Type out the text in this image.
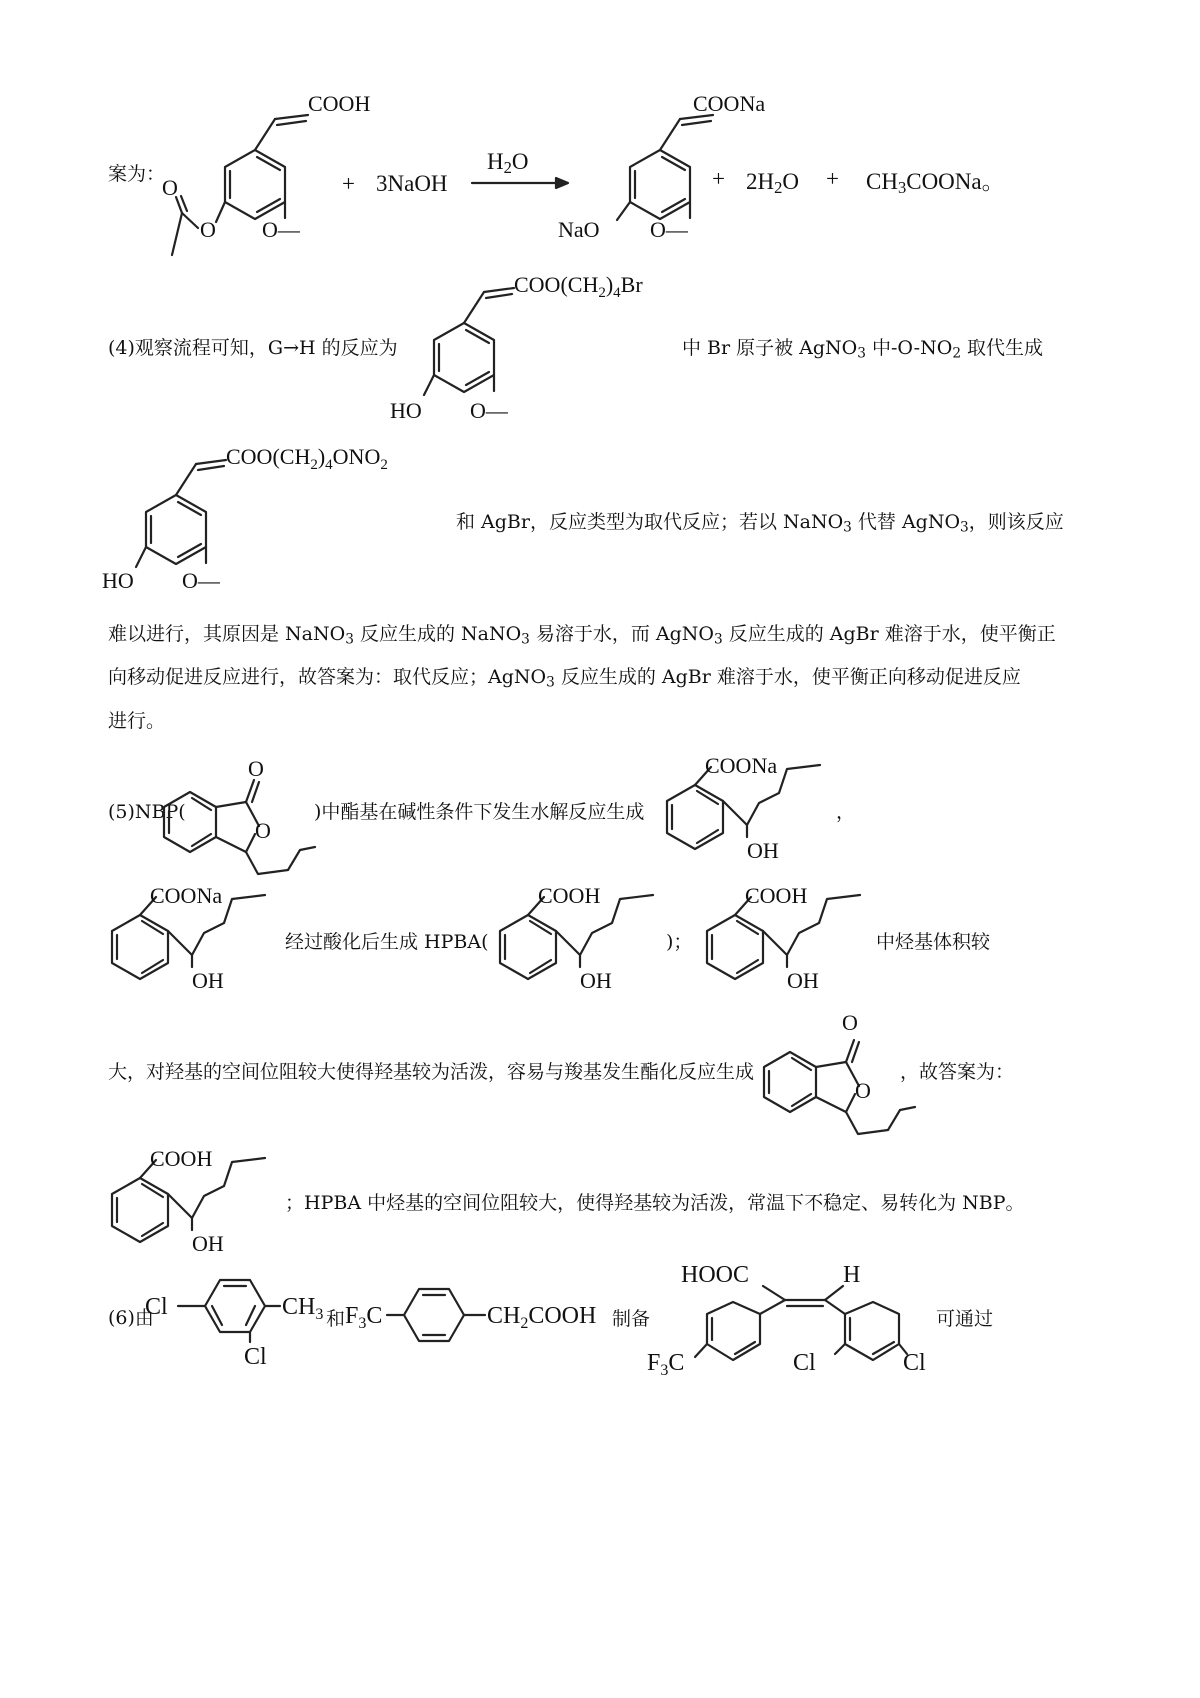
案为：
COOH
O—
O
O	+ 3NaOH
$H_2O$
COONa
O—
NaO
+ $2H_2O$ + $CH_3COONa$。
(4)观察流程可知，G→H 的反应为
$COO(CH_2)_4Br$
O—
HO
中 Br 原子被 AgNO$_3$ 中$-O-NO_2$ 取代生成
$COO(CH_2)_4ONO_2$
O—
HO
和 AgBr，反应类型为取代反应；若以 NaNO$_3$ 代替 AgNO$_3$，则该反应
难以进行，其原因是 NaNO$_3$ 反应生成的 NaNO$_3$ 易溶于水，而 AgNO$_3$ 反应生成的 AgBr 难溶于水，使平衡正
向移动促进反应进行，故答案为：取代反应；AgNO$_3$ 反应生成的 AgBr 难溶于水，使平衡正向移动促进反应
进行。
(5)NBP(
O
O
)中酯基在碱性条件下发生水解反应生成
COONa
OH
，
COONa
OH
经过酸化后生成 HPBA(
COOH
OH
)；
COOH
OH
中烃基体积较
大，对羟基的空间位阻较大使得羟基较为活泼，容易与羧基发生酯化反应生成
O
O
，故答案为：
COOH
OH
；HPBA 中烃基的空间位阻较大，使得羟基较为活泼，常温下不稳定、易转化为 NBP。
(6)由
Cl	$CH_3$
Cl
和 $F_3C$	$CH_2COOH$ 制备
HOOC	H
$F_3C$	Cl	Cl
可通过
